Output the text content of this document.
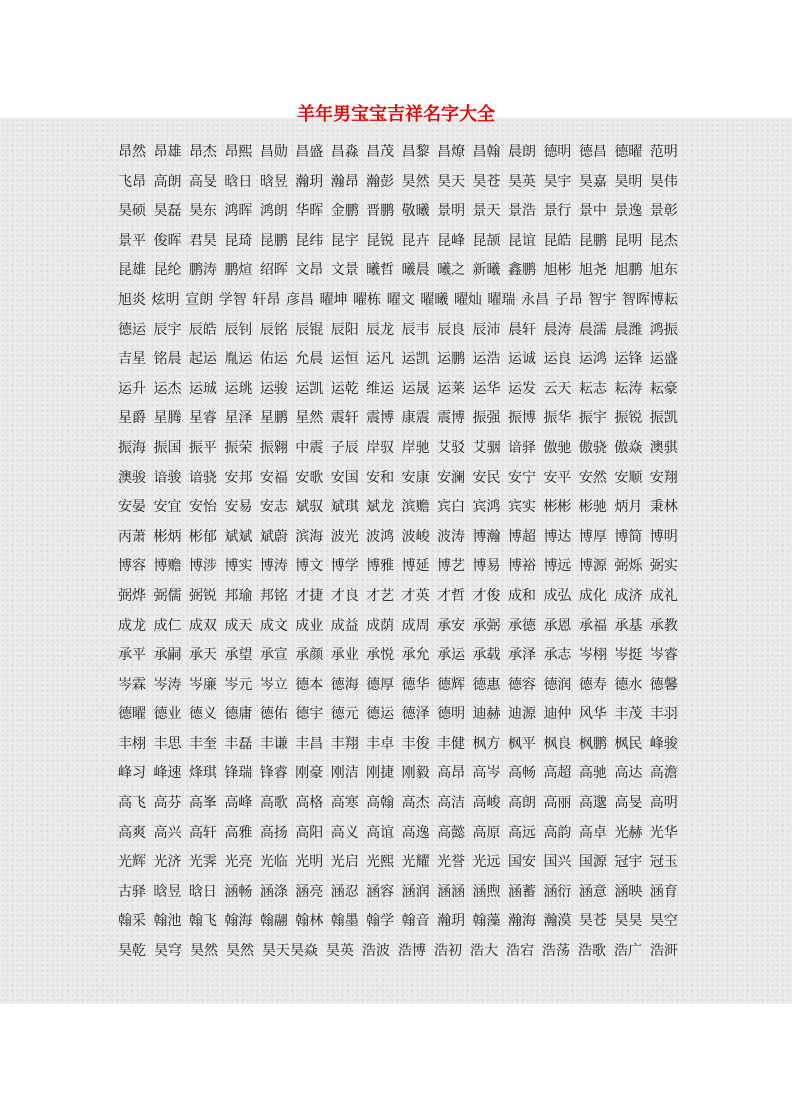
羊年男宝宝吉祥名字大全
昂然 昂雄 昂杰 昂熙 昌勋 昌盛 昌淼 昌茂 昌黎 昌燎 昌翰 晨朗 德明 德昌 德曜 范明
飞昂 高朗 高旻 晗日 晗昱 瀚玥 瀚昂 瀚彭 昊然 昊天 昊苍 昊英 昊宇 昊嘉 昊明 昊伟
昊硕 昊磊 昊东 鸿晖 鸿朗 华晖 金鹏 晋鹏 敬曦 景明 景天 景浩 景行 景中 景逸 景彰
景平 俊晖 君昊 昆琦 昆鹏 昆纬 昆宇 昆锐 昆卉 昆峰 昆颉 昆谊 昆皓 昆鹏 昆明 昆杰
昆雄 昆纶 鹏涛 鹏煊 绍晖 文昂 文景 曦哲 曦晨 曦之 新曦 鑫鹏 旭彬 旭尧 旭鹏 旭东
旭炎 炫明 宣朗 学智 轩昂 彦昌 曜坤 曜栋 曜文 曜曦 曜灿 曜瑞 永昌 子昂 智宇 智晖博耘
德运 辰宇 辰皓 辰钊 辰铭 辰锟 辰阳 辰龙 辰韦 辰良 辰沛 晨轩 晨涛 晨濡 晨潍 鸿振
吉星 铭晨 起运 胤运 佑运 允晨 运恒 运凡 运凯 运鹏 运浩 运诚 运良 运鸿 运锋 运盛
运升 运杰 运珹 运珧 运骏 运凯 运乾 维运 运晟 运莱 运华 运发 云天 耘志 耘涛 耘豪
星爵 星腾 星睿 星泽 星鹏 星然 震轩 震博 康震 震博 振强 振博 振华 振宇 振锐 振凯
振海 振国 振平 振荣 振翱 中震 子辰 岸驭 岸驰 艾驳 艾骃 谙驿 傲驰 傲骁 傲焱 澳骐
澳骏 谙骏 谙骁 安邦 安福 安歌 安国 安和 安康 安澜 安民 安宁 安平 安然 安顺 安翔
安晏 安宜 安怡 安易 安志 斌驭 斌琪 斌龙 滨赡 宾白 宾鸿 宾实 彬彬 彬驰 炳月 秉林
丙萧 彬炳 彬郁 斌斌 斌蔚 滨海 波光 波鸿 波峻 波涛 博瀚 博超 博达 博厚 博简 博明
博容 博赡 博涉 博实 博涛 博文 博学 博雅 博延 博艺 博易 博裕 博远 博源 弼烁 弼实
弼烨 弼儒 弼锐 邦瑜 邦铭 才捷 才良 才艺 才英 才哲 才俊 成和 成弘 成化 成济 成礼
成龙 成仁 成双 成天 成文 成业 成益 成荫 成周 承安 承弼 承德 承恩 承福 承基 承教
承平 承嗣 承天 承望 承宣 承颜 承业 承悦 承允 承运 承载 承泽 承志 岑栩 岑挺 岑睿
岑霖 岑涛 岑廉 岑元 岑立 德本 德海 德厚 德华 德辉 德惠 德容 德润 德寿 德水 德馨
德曜 德业 德义 德庸 德佑 德宇 德元 德运 德泽 德明 迪赫 迪源 迪仲 风华 丰茂 丰羽
丰栩 丰思 丰奎 丰磊 丰谦 丰昌 丰翔 丰卓 丰俊 丰健 枫方 枫平 枫良 枫鹏 枫民 峰骏
峰习 峰速 烽琪 锋瑞 锋睿 刚豪 刚洁 刚捷 刚毅 高昂 高岑 高畅 高超 高驰 高达 高澹
高飞 高芬 高峯 高峰 高歌 高格 高寒 高翰 高杰 高洁 高峻 高朗 高丽 高邈 高旻 高明
高爽 高兴 高轩 高雅 高扬 高阳 高义 高谊 高逸 高懿 高原 高远 高韵 高卓 光赫 光华
光辉 光济 光霁 光亮 光临 光明 光启 光熙 光耀 光誉 光远 国安 国兴 国源 冠宇 冠玉
古驿 晗昱 晗日 涵畅 涵涤 涵亮 涵忍 涵容 涵润 涵涵 涵煦 涵蓄 涵衍 涵意 涵映 涵育
翰采 翰池 翰飞 翰海 翰翮 翰林 翰墨 翰学 翰音 瀚玥 翰藻 瀚海 瀚漠 昊苍 昊昊 昊空
昊乾 昊穹 昊然 昊然 昊天昊焱 昊英 浩波 浩博 浩初 浩大 浩宕 浩荡 浩歌 浩广 浩涆
